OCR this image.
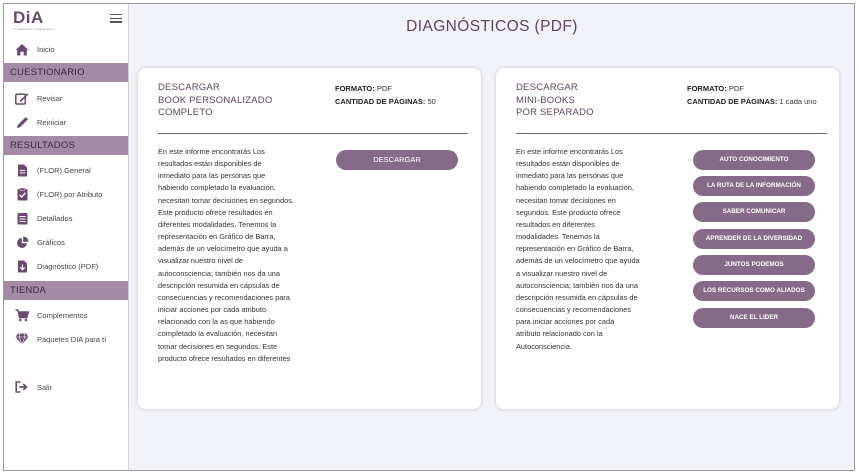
DiA
Tu desarrollo integral auto
Inicio
CUESTIONARIO
Revisar
Reiniciar
RESULTADOS
(FLOR) General
(FLOR) por Atributo
Detallados
Gráficos
Diagnóstico (PDF)
TIENDA
Complementos
Paquetes DIA para tí
Salir
DIAGNÓSTICOS (PDF)
DESCARGAR
BOOK PERSONALIZADO
COMPLETO
FORMATO: PDF
CANTIDAD DE PÁGINAS: 50
En este informe encontrarás Los
resultados están disponibles de
inmediato para las personas que
habiendo completado la evaluación,
necesitan tomar decisiones en segundos.
Este producto ofrece resultados en
diferentes modalidades. Tenemos la
representación en Gráfico de Barra,
además de un velocímetro que ayuda a
visualizar nuestro nivel de
autoconsciencia; también nos da una
descripción resumida en cápsulas de
consecuencias y recomendaciones para
iniciar acciones por cada atributo
relacionado con la as que habiendo
completado la evaluación, necesitan
tomar decisiones en segundos. Este
producto ofrece resultados en diferentes
DESCARGAR
DESCARGAR
MINI-BOOKS
POR SEPARADO
FORMATO: PDF
CANTIDAD DE PÁGINAS: 1 cada uno
En este informe encontrarás Los
resultados están disponibles de
inmediato para las personas que
habiendo completado la evaluación,
necesitan tomar decisiones en
segundos. Este producto ofrece
resultados en diferentes
modalidades. Tenemos la
representación en Gráfico de Barra,
además de un velocímetro que ayuda
a visualizar nuestro nivel de
autoconsciencia; también nos da una
descripción resumida en cápsulas de
consecuencias y recomendaciones
para iniciar acciones por cada
atributo relacionado con la
Autoconsciencia.
AUTO CONOCIMIENTO
LA RUTA DE LA INFORMACIÓN
SABER COMUNICAR
APRENDER DE LA DIVERSIDAD
JUNTOS PODEMOS
LOS RECURSOS COMO ALIADOS
NACE EL LIDER
